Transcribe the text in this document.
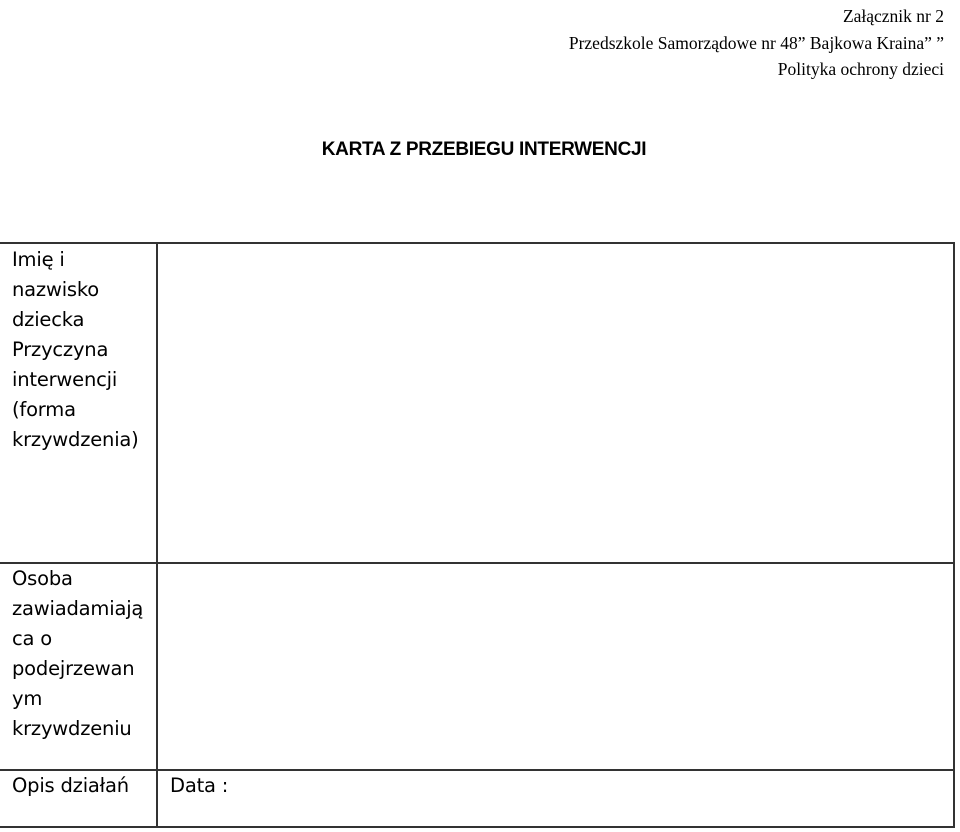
Załącznik nr 2
Przedszkole Samorządowe nr 48” Bajkowa Kraina” ”
Polityka ochrony dzieci
KARTA Z PRZEBIEGU INTERWENCJI
Imię i
nazwisko
dziecka
Przyczyna
interwencji
(forma
krzywdzenia)
Osoba
zawiadamiają
ca o
podejrzewan
ym
krzywdzeniu
Opis działań	Data :
